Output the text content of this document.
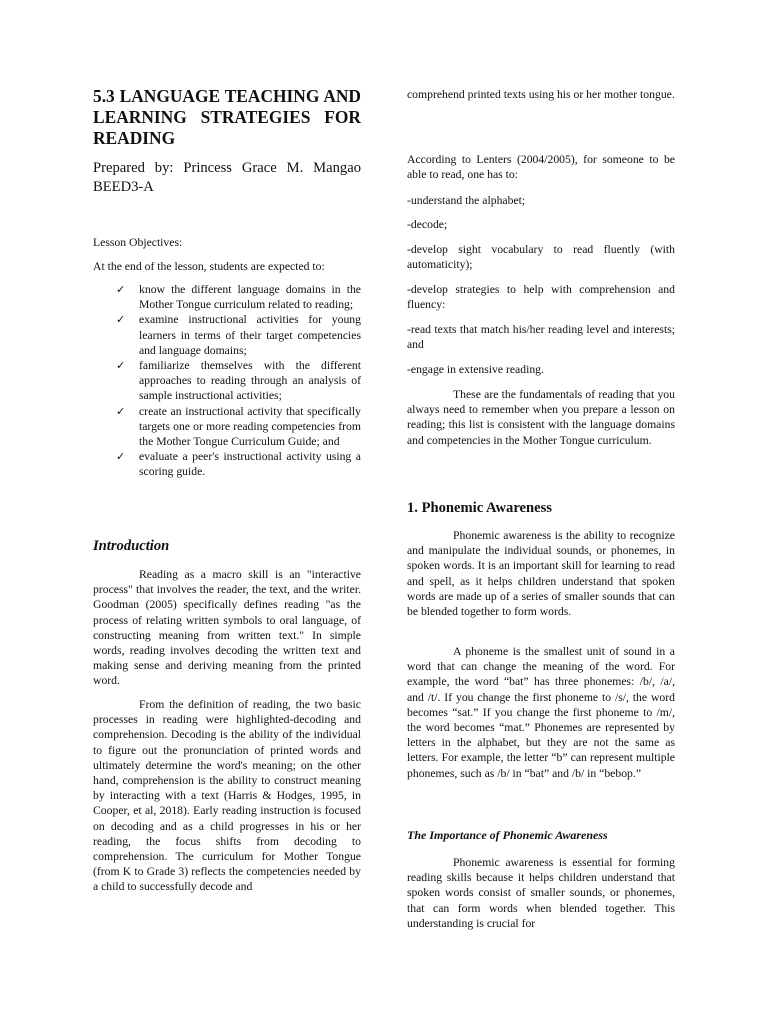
5.3 LANGUAGE TEACHING AND LEARNING STRATEGIES FOR READING

Prepared by: Princess Grace M. Mangao BEED3-A

Lesson Objectives:

At the end of the lesson, students are expected to:

✓ know the different language domains in the Mother Tongue curriculum related to reading;
✓ examine instructional activities for young learners in terms of their target competencies and language domains;
✓ familiarize themselves with the different approaches to reading through an analysis of sample instructional activities;
✓ create an instructional activity that specifically targets one or more reading competencies from the Mother Tongue Curriculum Guide; and
✓ evaluate a peer's instructional activity using a scoring guide.
Introduction

Reading as a macro skill is an "interactive process" that involves the reader, the text, and the writer. Goodman (2005) specifically defines reading "as the process of relating written symbols to oral language, of constructing meaning from written text." In simple words, reading involves decoding the written text and making sense and deriving meaning from the printed word.

From the definition of reading, the two basic processes in reading were highlighted-decoding and comprehension. Decoding is the ability of the individual to figure out the pronunciation of printed words and ultimately determine the word's meaning; on the other hand, comprehension is the ability to construct meaning by interacting with a text (Harris & Hodges, 1995, in Cooper, et al, 2018). Early reading instruction is focused on decoding and as a child progresses in his or her reading, the focus shifts from decoding to comprehension. The curriculum for Mother Tongue (from K to Grade 3) reflects the competencies needed by a child to successfully decode and

comprehend printed texts using his or her mother tongue.

According to Lenters (2004/2005), for someone to be able to read, one has to:

-understand the alphabet;

-decode;

-develop sight vocabulary to read fluently (with automaticity);

-develop strategies to help with comprehension and fluency:

-read texts that match his/her reading level and interests; and

-engage in extensive reading.

These are the fundamentals of reading that you always need to remember when you prepare a lesson on reading; this list is consistent with the language domains and competencies in the Mother Tongue curriculum.

1. Phonemic Awareness

Phonemic awareness is the ability to recognize and manipulate the individual sounds, or phonemes, in spoken words. It is an important skill for learning to read and spell, as it helps children understand that spoken words are made up of a series of smaller sounds that can be blended together to form words.

A phoneme is the smallest unit of sound in a word that can change the meaning of the word. For example, the word “bat” has three phonemes: /b/, /a/, and /t/. If you change the first phoneme to /s/, the word becomes “sat.” If you change the first phoneme to /m/, the word becomes “mat.” Phonemes are represented by letters in the alphabet, but they are not the same as letters. For example, the letter “b” can represent multiple phonemes, such as /b/ in “bat” and /b/ in “bebop.”

The Importance of Phonemic Awareness

Phonemic awareness is essential for forming reading skills because it helps children understand that spoken words consist of smaller sounds, or phonemes, that can form words when blended together. This understanding is crucial for
